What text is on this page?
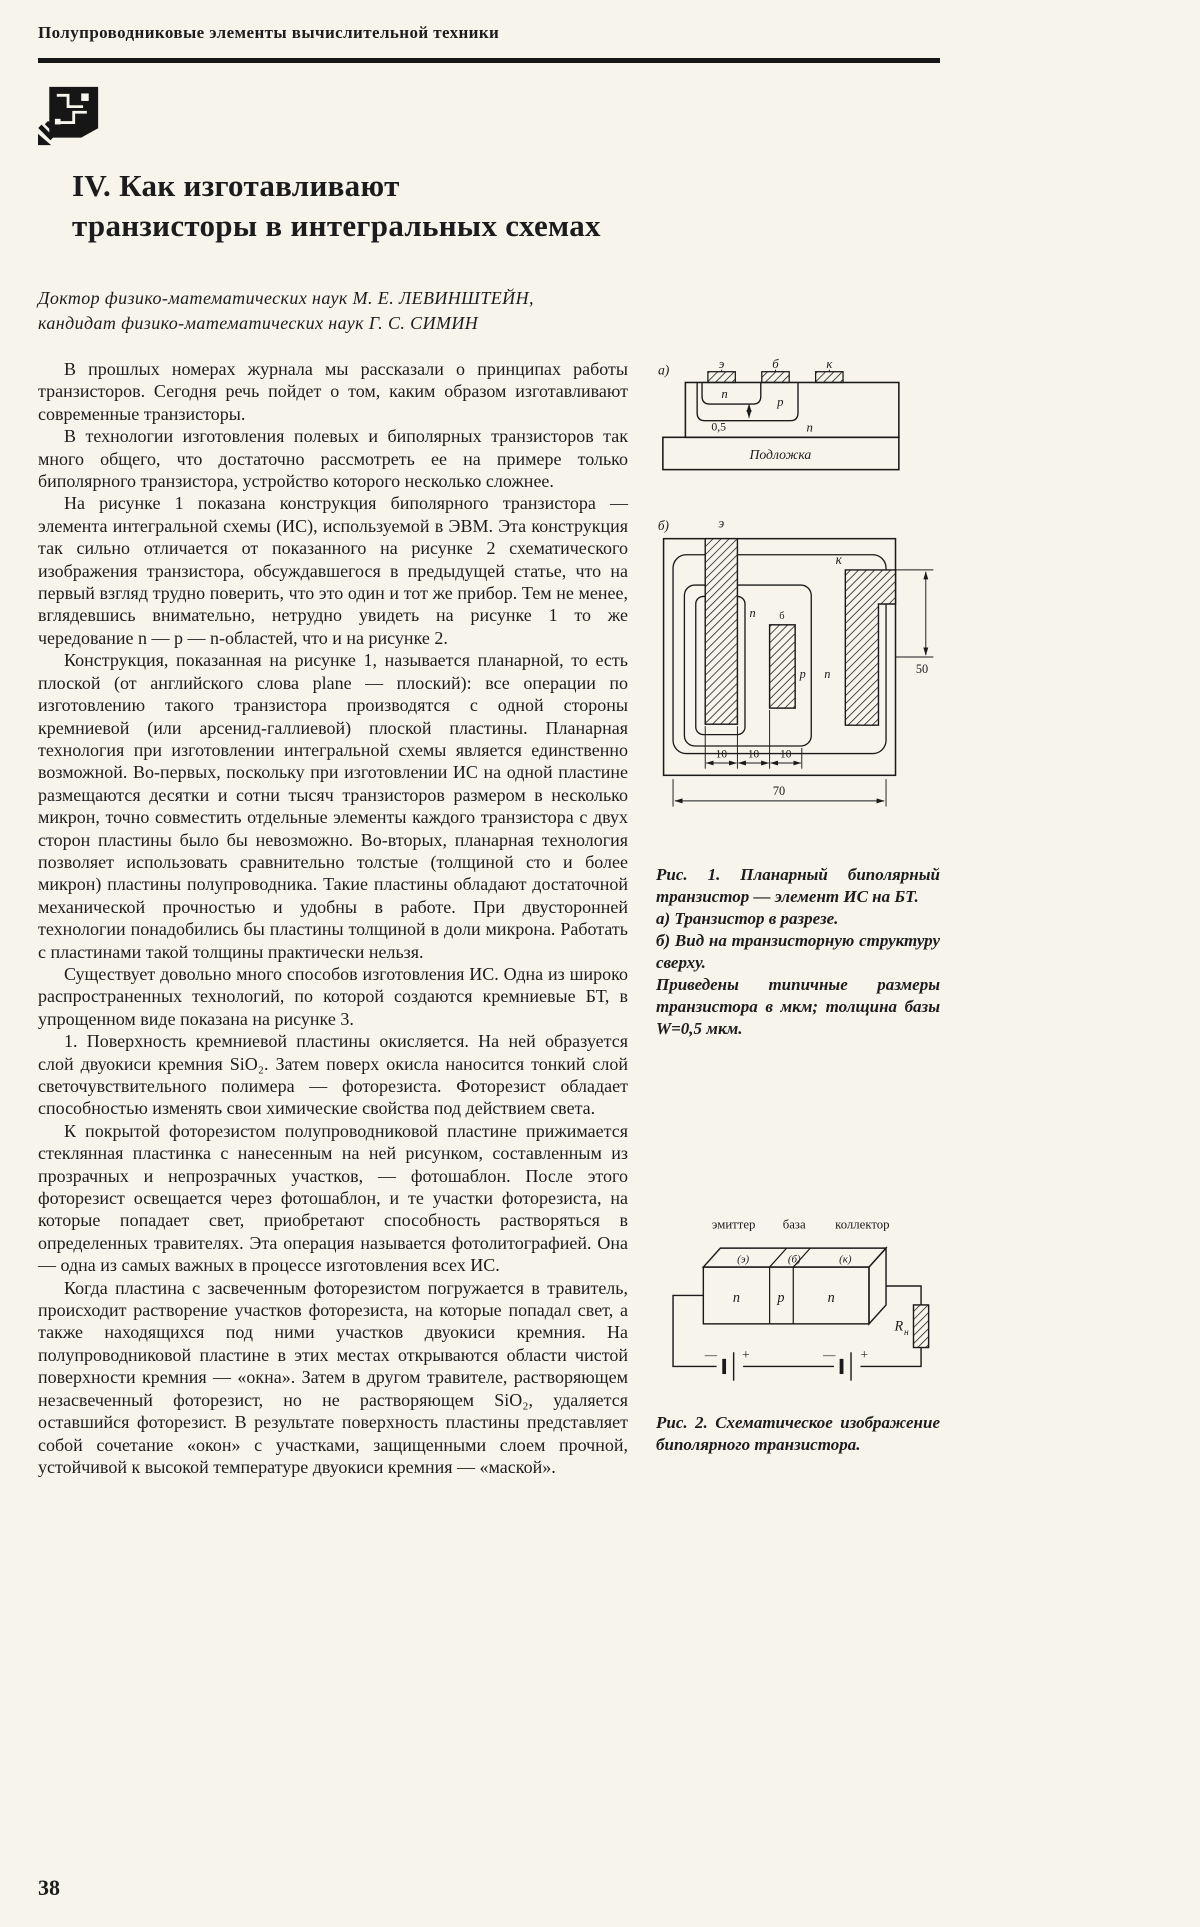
Полупроводниковые элементы вычислительной техники
IV. Как изготавливают
транзисторы в интегральных схемах
Доктор физико-математических наук М. Е. ЛЕВИНШТЕЙН,
кандидат физико-математических наук Г. С. СИМИН

В прошлых номерах журнала мы рассказали о принципах работы транзисторов. Сегодня речь пойдет о том, каким образом изготавливают современные транзисторы.

В технологии изготовления полевых и биполярных транзисторов так много общего, что достаточно рассмотреть ее на примере только биполярного транзистора, устройство которого несколько сложнее.

На рисунке 1 показана конструкция биполярного транзистора — элемента интегральной схемы (ИС), используемой в ЭВМ. Эта конструкция так сильно отличается от показанного на рисунке 2 схематического изображения транзистора, обсуждавшегося в предыдущей статье, что на первый взгляд трудно поверить, что это один и тот же прибор. Тем не менее, вглядевшись внимательно, нетрудно увидеть на рисунке 1 то же чередование n — p — n-областей, что и на рисунке 2.

Конструкция, показанная на рисунке 1, называется планарной, то есть плоской (от английского слова plane — плоский): все операции по изготовлению такого транзистора производятся с одной стороны кремниевой (или арсенид-галлиевой) плоской пластины. Планарная технология при изготовлении интегральной схемы является единственно возможной. Во-первых, поскольку при изготовлении ИС на одной пластине размещаются десятки и сотни тысяч транзисторов размером в несколько микрон, точно совместить отдельные элементы каждого транзистора с двух сторон пластины было бы невозможно. Во-вторых, планарная технология позволяет использовать сравнительно толстые (толщиной сто и более микрон) пластины полупроводника. Такие пластины обладают достаточной механической прочностью и удобны в работе. При двусторонней технологии понадобились бы пластины толщиной в доли микрона. Работать с пластинами такой толщины практически нельзя.

Существует довольно много способов изготовления ИС. Одна из широко распространенных технологий, по которой создаются кремниевые БТ, в упрощенном виде показана на рисунке 3.

1. Поверхность кремниевой пластины окисляется. На ней образуется слой двуокиси кремния SiO₂. Затем поверх окисла наносится тонкий слой светочувствительного полимера — фоторезиста. Фоторезист обладает способностью изменять свои химические свойства под действием света.

К покрытой фоторезистом полупроводниковой пластине прижимается стеклянная пластинка с нанесенным на ней рисунком, составленным из прозрачных и непрозрачных участков, — фотошаблон. После этого фоторезист освещается через фотошаблон, и те участки фоторезиста, на которые попадает свет, приобретают способность растворяться в определенных травителях. Эта операция называется фотолитографией. Она — одна из самых важных в процессе изготовления всех ИС.

Когда пластина с засвеченным фоторезистом погружается в травитель, происходит растворение участков фоторезиста, на которые попадал свет, а также находящихся под ними участков двуокиси кремния. На полупроводниковой пластине в этих местах открываются области чистой поверхности кремния — «окна». Затем в другом травителе, растворяющем незасвеченный фоторезист, но не растворяющем SiO₂, удаляется оставшийся фоторезист. В результате поверхность пластины представляет собой сочетание «окон» с участками, защищенными слоем прочной, устойчивой к высокой температуре двуокиси кремния — «маской».

а)	э	б	к
n
p
0,5	n
Подложка
б)	э
к
n б
p n	50
10 10 10
70

Рис. 1. Планарный биполярный транзистор — элемент ИС на БТ.

а) Транзистор в разрезе.

б) Вид на транзисторную структуру сверху.

Приведены типичные размеры транзистора в мкм; толщина базы W=0,5 мкм.

эмиттер база коллектор
(э)	(б)	(к)
n p	n
R н
— +	— +

Рис. 2. Схематическое изображение биполярного транзистора.

38
